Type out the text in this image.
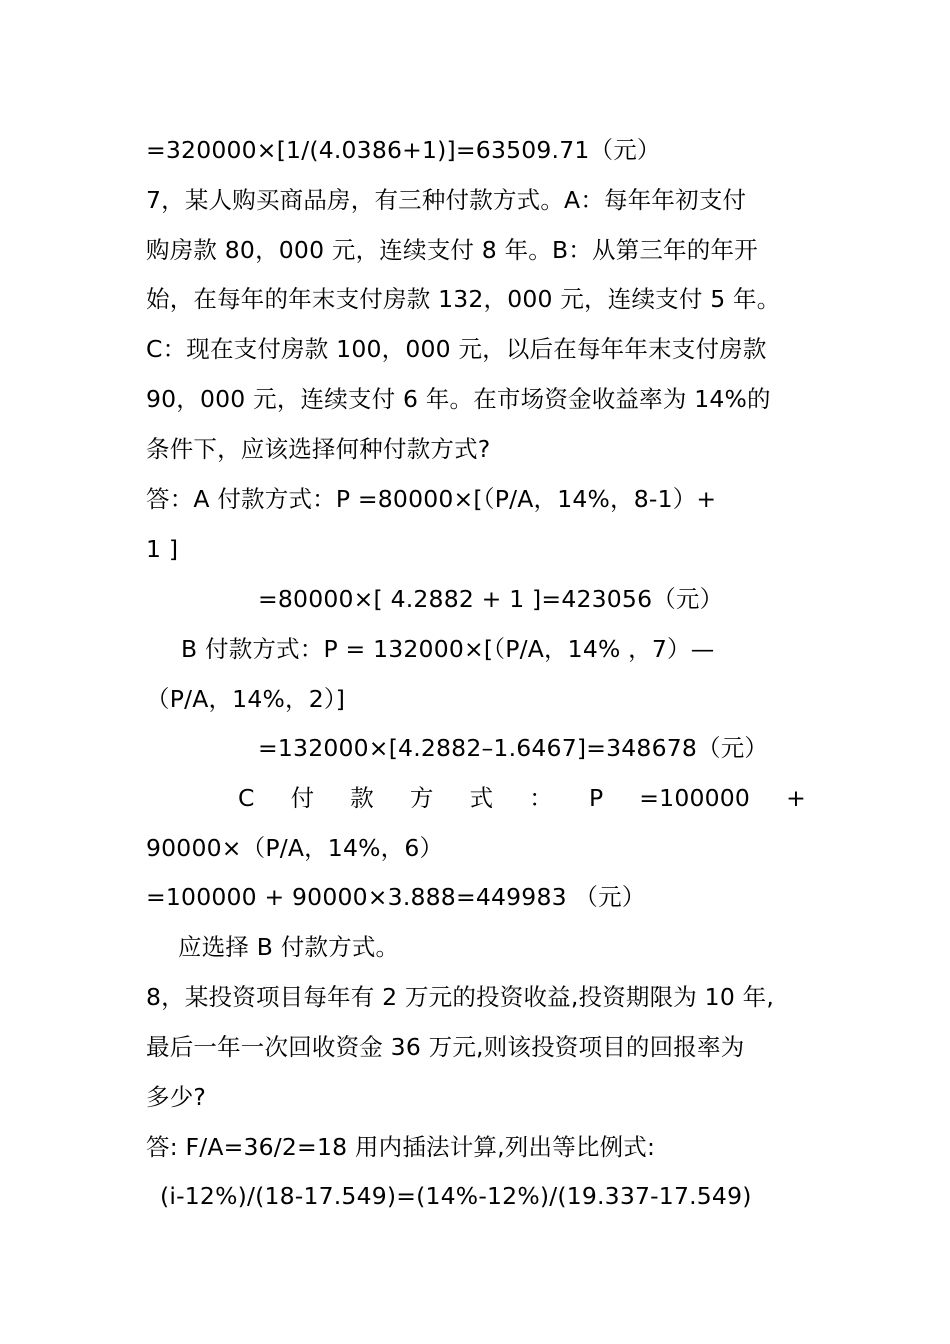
=320000×[1/(4.0386+1)]=63509.71（元）
7，某人购买商品房，有三种付款方式。A：每年年初支付
购房款 80，000 元，连续支付 8 年。B：从第三年的年开
始，在每年的年末支付房款 132，000 元，连续支付 5 年。
C：现在支付房款 100，000 元，以后在每年年末支付房款
90，000 元，连续支付 6 年。在市场资金收益率为 14%的
条件下，应该选择何种付款方式?
答：A 付款方式：P =80000×[（P/A，14%，8-1）+
1 ]
=80000×[ 4.2882 + 1 ]=423056（元）
B 付款方式：P = 132000×[（P/A，14% ，7）—
（P/A，14%，2）]
=132000×[4.2882–1.6467]=348678（元）
C 付 款 方 式 ： P =100000 +
90000×（P/A，14%，6）
=100000 + 90000×3.888=449983 （元）
应选择 B 付款方式。
8，某投资项目每年有 2 万元的投资收益,投资期限为 10 年,
最后一年一次回收资金 36 万元,则该投资项目的回报率为
多少?
答: F/A=36/2=18 用内插法计算,列出等比例式:
(i-12%)/(18-17.549)=(14%-12%)/(19.337-17.549)
